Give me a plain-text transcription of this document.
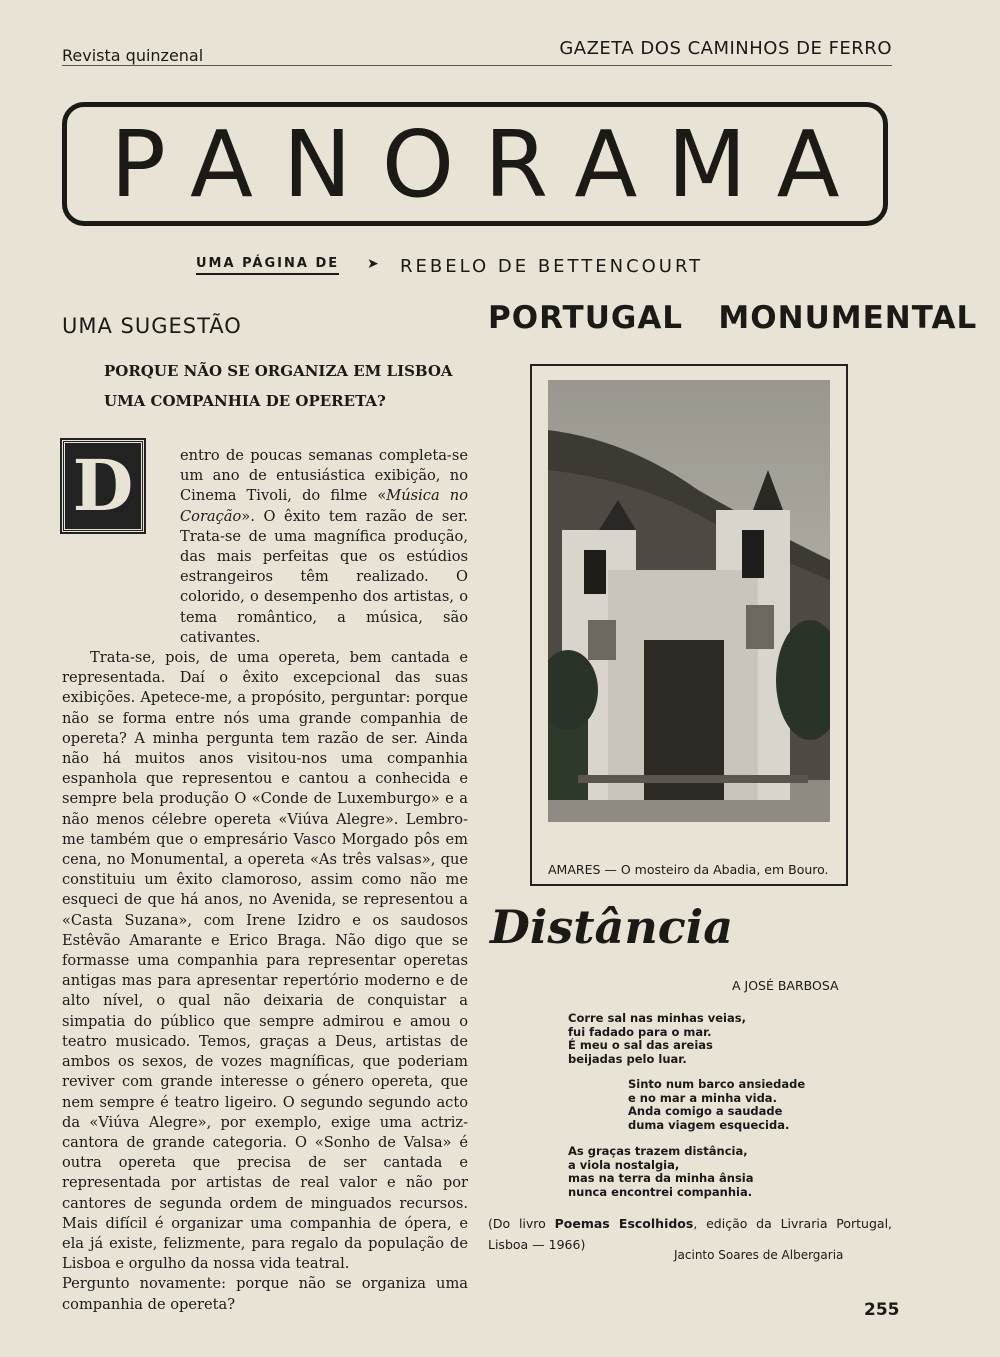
Revista quinzenal	GAZETA DOS CAMINHOS DE FERRO
PANORAMA
UMA PÁGINA DE ➤ REBELO DE BETTENCOURT
UMA SUGESTÃO
PORQUE NÃO SE ORGANIZA EM LISBOA
UMA COMPANHIA DE OPERETA?
D	entro de poucas semanas completa-se um ano de entusiástica exibição, no Cinema Tivoli, do filme «Música no Coração». O êxito tem razão de ser. Trata-se de uma magnífica produção, das mais perfeitas que os estúdios estrangeiros têm realizado. O colorido, o desempenho dos artistas, o tema romântico, a música, são cativantes.

Trata-se, pois, de uma opereta, bem cantada e representada. Daí o êxito excepcional das suas exibições. Apetece-me, a propósito, perguntar: porque não se forma entre nós uma grande companhia de opereta? A minha pergunta tem razão de ser. Ainda não há muitos anos visitou-nos uma companhia espanhola que representou e cantou a conhecida e sempre bela produção O «Conde de Luxemburgo» e a não menos célebre opereta «Viúva Alegre». Lembro-me também que o empresário Vasco Morgado pôs em cena, no Monumental, a opereta «As três valsas», que constituiu um êxito clamoroso, assim como não me esqueci de que há anos, no Avenida, se representou a «Casta Suzana», com Irene Izidro e os saudosos Estêvão Amarante e Erico Braga. Não digo que se formasse uma companhia para representar operetas antigas mas para apresentar repertório moderno e de alto nível, o qual não deixaria de conquistar a simpatia do público que sempre admirou e amou o teatro musicado. Temos, graças a Deus, artistas de ambos os sexos, de vozes magníficas, que poderiam reviver com grande interesse o género opereta, que nem sempre é teatro ligeiro. O segundo segundo acto da «Viúva Alegre», por exemplo, exige uma actriz-cantora de grande categoria. O «Sonho de Valsa» é outra opereta que precisa de ser cantada e representada por artistas de real valor e não por cantores de segunda ordem de minguados recursos. Mais difícil é organizar uma companhia de ópera, e ela já existe, felizmente, para regalo da população de Lisboa e orgulho da nossa vida teatral.

Pergunto novamente: porque não se organiza uma companhia de opereta?

PORTUGAL   MONUMENTAL
AMARES — O mosteiro da Abadia, em Bouro.
Distância
A JOSÉ BARBOSA
Corre sal nas minhas veias,
fui fadado para o mar.
É meu o sal das areias
beijadas pelo luar.
Sinto num barco ansiedade
e no mar a minha vida.
Anda comigo a saudade
duma viagem esquecida.
As graças trazem distância,
a viola nostalgia,
mas na terra da minha ânsia
nunca encontrei companhia.
(Do livro Poemas Escolhidos, edição da Livraria Portugal, Lisboa — 1966)
Jacinto Soares de Albergaria
255
